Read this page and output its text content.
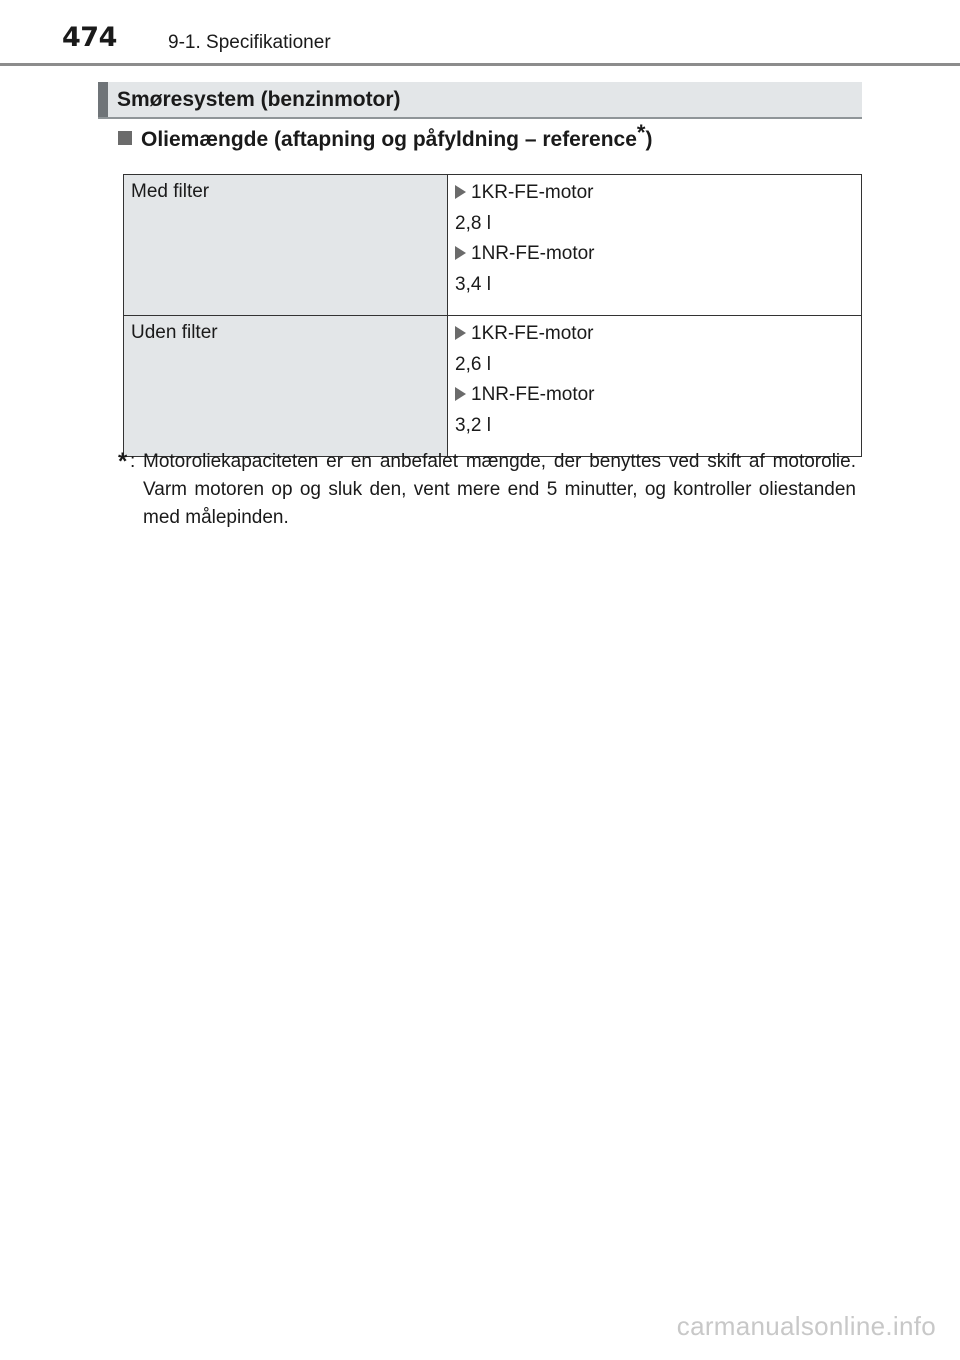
474	9-1. Specifikationer
Smøresystem (benzinmotor)
Oliemængde (aftapning og påfyldning – reference*)
Med filter	1KR-FE-motor
2,8 l
1NR-FE-motor
3,4 l

Uden filter	1KR-FE-motor
2,6 l
1NR-FE-motor
3,2 l
* : Motoroliekapaciteten er en anbefalet mængde, der benyttes ved skift af motorolie. Varm motoren op og sluk den, vent mere end 5 minutter, og kontroller oliestanden med målepinden.
carmanualsonline.info
